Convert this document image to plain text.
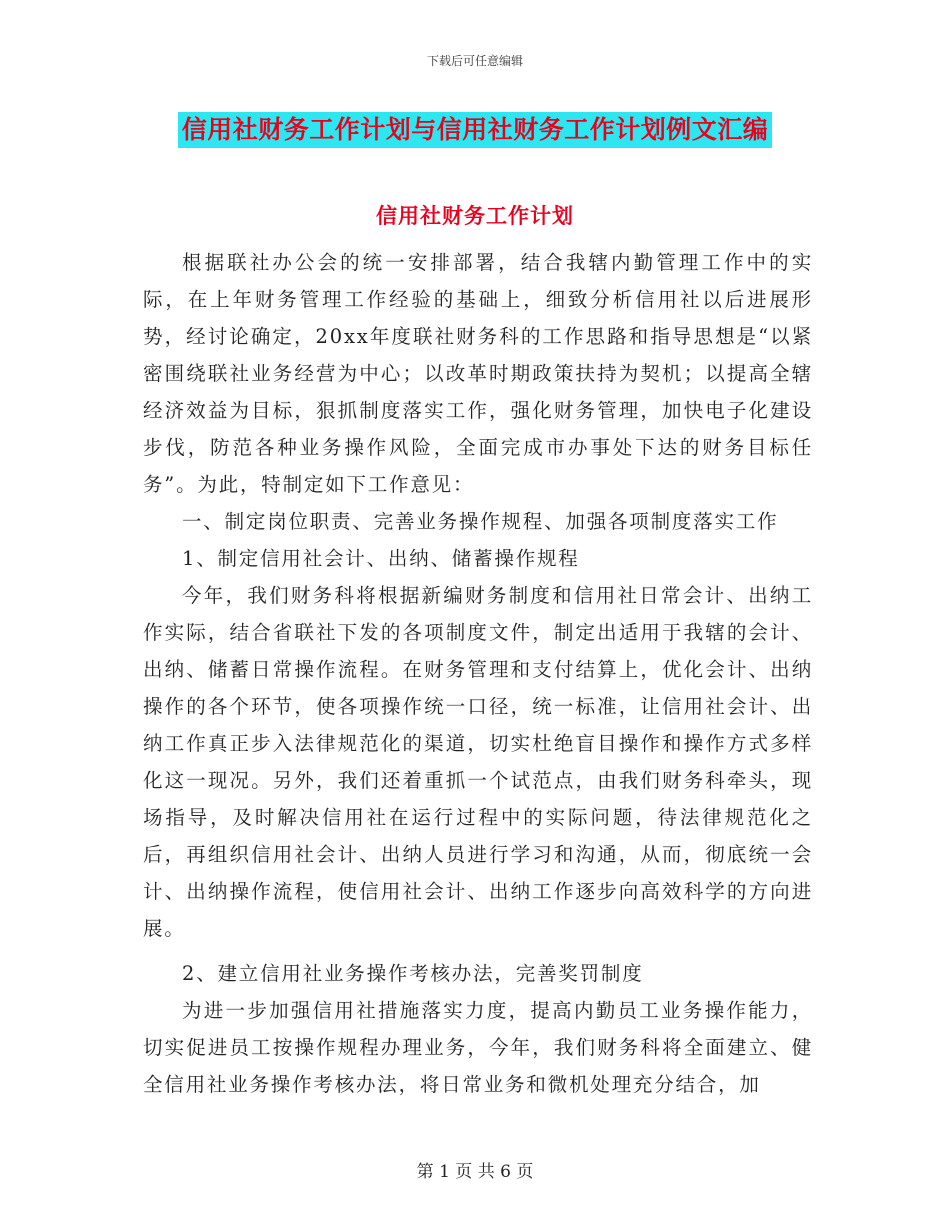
下载后可任意编辑
信用社财务工作计划与信用社财务工作计划例文汇编
信用社财务工作计划

根据联社办公会的统一安排部署，结合我辖内勤管理工作中的实际，在上年财务管理工作经验的基础上，细致分析信用社以后进展形势，经讨论确定，20xx年度联社财务科的工作思路和指导思想是“以紧密围绕联社业务经营为中心；以改革时期政策扶持为契机；以提高全辖经济效益为目标，狠抓制度落实工作，强化财务管理，加快电子化建设步伐，防范各种业务操作风险，全面完成市办事处下达的财务目标任务”。为此，特制定如下工作意见：

一、制定岗位职责、完善业务操作规程、加强各项制度落实工作

1、制定信用社会计、出纳、储蓄操作规程

今年，我们财务科将根据新编财务制度和信用社日常会计、出纳工作实际，结合省联社下发的各项制度文件，制定出适用于我辖的会计、出纳、储蓄日常操作流程。在财务管理和支付结算上，优化会计、出纳操作的各个环节，使各项操作统一口径，统一标准，让信用社会计、出纳工作真正步入法律规范化的渠道，切实杜绝盲目操作和操作方式多样化这一现况。另外，我们还着重抓一个试范点，由我们财务科牵头，现场指导，及时解决信用社在运行过程中的实际问题，待法律规范化之后，再组织信用社会计、出纳人员进行学习和沟通，从而，彻底统一会计、出纳操作流程，使信用社会计、出纳工作逐步向高效科学的方向进展。

2、建立信用社业务操作考核办法，完善奖罚制度

为进一步加强信用社措施落实力度，提高内勤员工业务操作能力，切实促进员工按操作规程办理业务，今年，我们财务科将全面建立、健全信用社业务操作考核办法，将日常业务和微机处理充分结合，加

第 1 页 共 6 页
